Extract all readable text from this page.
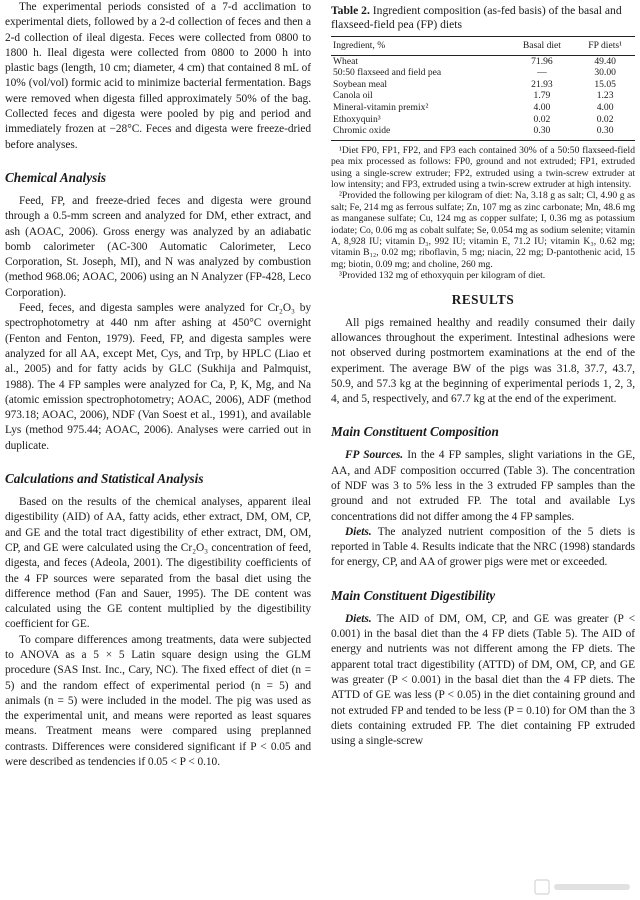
The experimental periods consisted of a 7-d acclimation to experimental diets, followed by a 2-d collection of feces and then a 2-d collection of ileal digesta. Feces were collected from 0800 to 1800 h. Ileal digesta were collected from 0800 to 2000 h into plastic bags (length, 10 cm; diameter, 4 cm) that contained 8 mL of 10% (vol/vol) formic acid to minimize bacterial fermentation. Bags were removed when digesta filled approximately 50% of the bag. Collected feces and digesta were pooled by pig and period and immediately frozen at −28°C. Feces and digesta were freeze-dried before analyses.

Chemical Analysis

Feed, FP, and freeze-dried feces and digesta were ground through a 0.5-mm screen and analyzed for DM, ether extract, and ash (AOAC, 2006). Gross energy was analyzed by an adiabatic bomb calorimeter (AC-300 Automatic Calorimeter, Leco Corporation, St. Joseph, MI), and N was analyzed by combustion (method 968.06; AOAC, 2006) using an N Analyzer (FP-428, Leco Corporation).

Feed, feces, and digesta samples were analyzed for Cr₂O₃ by spectrophotometry at 440 nm after ashing at 450°C overnight (Fenton and Fenton, 1979). Feed, FP, and digesta samples were analyzed for all AA, except Met, Cys, and Trp, by HPLC (Liao et al., 2005) and for fatty acids by GLC (Sukhija and Palmquist, 1988). The 4 FP samples were analyzed for Ca, P, K, Mg, and Na (atomic emission spectrophotometry; AOAC, 2006), ADF (method 973.18; AOAC, 2006), NDF (Van Soest et al., 1991), and available Lys (method 975.44; AOAC, 2006). Analyses were carried out in duplicate.

Calculations and Statistical Analysis

Based on the results of the chemical analyses, apparent ileal digestibility (AID) of AA, fatty acids, ether extract, DM, OM, CP, and GE and the total tract digestibility of ether extract, DM, OM, CP, and GE were calculated using the Cr₂O₃ concentration of feed, digesta, and feces (Adeola, 2001). The digestibility coefficients of the 4 FP sources were separated from the basal diet using the difference method (Fan and Sauer, 1995). The DE content was calculated using the GE content multiplied by the digestibility coefficient for GE.

To compare differences among treatments, data were subjected to ANOVA as a 5 × 5 Latin square design using the GLM procedure (SAS Inst. Inc., Cary, NC). The fixed effect of diet (n = 5) and the random effect of experimental period (n = 5) and animals (n = 5) were included in the model. The pig was used as the experimental unit, and means were reported as least squares means. Treatment means were compared using preplanned contrasts. Differences were considered significant if P < 0.05 and were described as tendencies if 0.05 < P < 0.10.

Table 2. Ingredient composition (as-fed basis) of the basal and flaxseed-field pea (FP) diets
Ingredient, %	Basal diet	FP diets¹
Wheat	71.96	49.40
50:50 flaxseed and field pea	—	30.00
Soybean meal	21.93	15.05
Canola oil	1.79	1.23
Mineral-vitamin premix²	4.00	4.00
Ethoxyquin³	0.02	0.02
Chromic oxide	0.30	0.30

¹Diet FP0, FP1, FP2, and FP3 each contained 30% of a 50:50 flaxseed-field pea mix processed as follows: FP0, ground and not extruded; FP1, extruded using a single-screw extruder; FP2, extruded using a twin-screw extruder at low intensity; and FP3, extruded using a twin-screw extruder at high intensity.

²Provided the following per kilogram of diet: Na, 3.18 g as salt; Cl, 4.90 g as salt; Fe, 214 mg as ferrous sulfate; Zn, 107 mg as zinc carbonate; Mn, 48.6 mg as manganese sulfate; Cu, 124 mg as copper sulfate; I, 0.36 mg as potassium iodate; Co, 0.06 mg as cobalt sulfate; Se, 0.054 mg as sodium selenite; vitamin A, 8,928 IU; vitamin D₃, 992 IU; vitamin E, 71.2 IU; vitamin K₃, 0.62 mg; vitamin B₁₂, 0.02 mg; riboflavin, 5 mg; niacin, 22 mg; D-pantothenic acid, 15 mg; biotin, 0.09 mg; and choline, 260 mg.

³Provided 132 mg of ethoxyquin per kilogram of diet.

RESULTS

All pigs remained healthy and readily consumed their daily allowances throughout the experiment. Intestinal adhesions were not observed during postmortem examinations at the end of the experiment. The average BW of the pigs was 31.8, 37.7, 43.7, 50.9, and 57.3 kg at the beginning of experimental periods 1, 2, 3, 4, and 5, respectively, and 67.7 kg at the end of the experiment.

Main Constituent Composition

FP Sources. In the 4 FP samples, slight variations in the GE, AA, and ADF composition occurred (Table 3). The concentration of NDF was 3 to 5% less in the 3 extruded FP samples than the ground and not extruded FP. The total and available Lys concentrations did not differ among the 4 FP samples.

Diets. The analyzed nutrient composition of the 5 diets is reported in Table 4. Results indicate that the NRC (1998) standards for energy, CP, and AA of grower pigs were met or exceeded.

Main Constituent Digestibility

Diets. The AID of DM, OM, CP, and GE was greater (P < 0.001) in the basal diet than the 4 FP diets (Table 5). The AID of energy and nutrients was not different among the FP diets. The apparent total tract digestibility (ATTD) of DM, OM, CP, and GE was greater (P < 0.001) in the basal diet than the 4 FP diets. The ATTD of GE was less (P < 0.05) in the diet containing ground and not extruded FP and tended to be less (P = 0.10) for OM than the 3 diets containing extruded FP. The diet containing FP extruded using a single-screw
